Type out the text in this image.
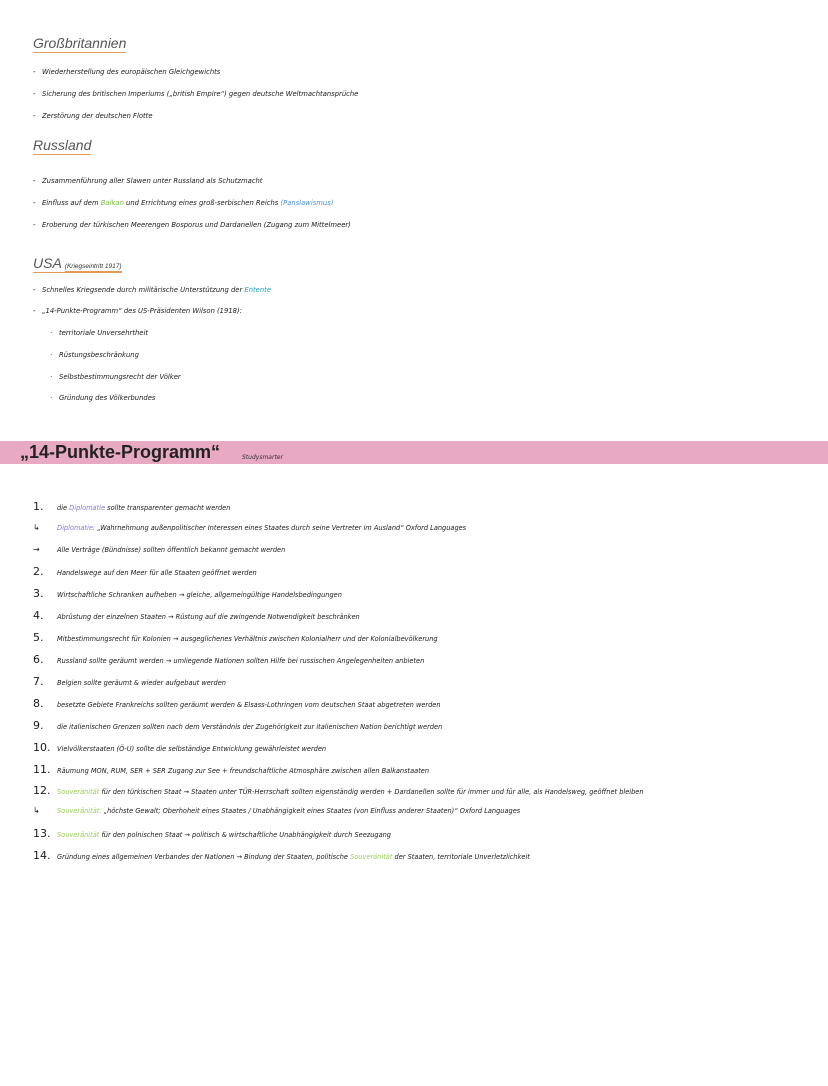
Großbritannien
- Wiederherstellung des europäischen Gleichgewichts
- Sicherung des britischen Imperiums („british Empire“) gegen deutsche Weltmachtansprüche
- Zerstörung der deutschen Flotte
Russland
- Zusammenführung aller Slawen unter Russland als Schutzmacht
- Einfluss auf dem Balkan und Errichtung eines groß-serbischen Reichs (Panslawismus)
- Eroberung der türkischen Meerengen Bosporus und Dardanellen (Zugang zum Mittelmeer)
USA (Kriegseintritt 1917)
- Schnelles Kriegsende durch militärische Unterstützung der Entente
- „14-Punkte-Programm“ des US-Präsidenten Wilson (1918):
· territoriale Unversehrtheit
· Rüstungsbeschränkung
· Selbstbestimmungsrecht der Völker
· Gründung des Völkerbundes
„14-Punkte-Programm“	Studysmarter
1. die Diplomatie sollte transparenter gemacht werden
↳	Diplomatie: „Wahrnehmung außenpolitischer Interessen eines Staates durch seine Vertreter im Ausland“ Oxford Languages
→	Alle Verträge (Bündnisse) sollten öffentlich bekannt gemacht werden
2. Handelswege auf den Meer für alle Staaten geöffnet werden
3. Wirtschaftliche Schranken aufheben → gleiche, allgemeingültige Handelsbedingungen
4. Abrüstung der einzelnen Staaten → Rüstung auf die zwingende Notwendigkeit beschränken
5. Mitbestimmungsrecht für Kolonien → ausgeglichenes Verhältnis zwischen Kolonialherr und der Kolonialbevölkerung
6. Russland sollte geräumt werden → umliegende Nationen sollten Hilfe bei russischen Angelegenheiten anbieten
7. Belgien sollte geräumt & wieder aufgebaut werden
8. besetzte Gebiete Frankreichs sollten geräumt werden & Elsass-Lothringen vom deutschen Staat abgetreten werden
9. die italienischen Grenzen sollten nach dem Verständnis der Zugehörigkeit zur italienischen Nation berichtigt werden
10. Vielvölkerstaaten (Ö-U) sollte die selbständige Entwicklung gewährleistet werden
11. Räumung MON, RUM, SER + SER Zugang zur See + freundschaftliche Atmosphäre zwischen allen Balkanstaaten
12. Souveränität für den türkischen Staat → Staaten unter TÜR-Herrschaft sollten eigenständig werden + Dardanellen sollte für immer und für alle, als Handelsweg, geöffnet bleiben
↳	Souveränität: „höchste Gewalt; Oberhoheit eines Staates / Unabhängigkeit eines Staates (von Einfluss anderer Staaten)“ Oxford Languages
13. Souveränität für den polnischen Staat → politisch & wirtschaftliche Unabhängigkeit durch Seezugang
14. Gründung eines allgemeinen Verbandes der Nationen → Bindung der Staaten, politische Souveränität der Staaten, territoriale Unverletzlichkeit
